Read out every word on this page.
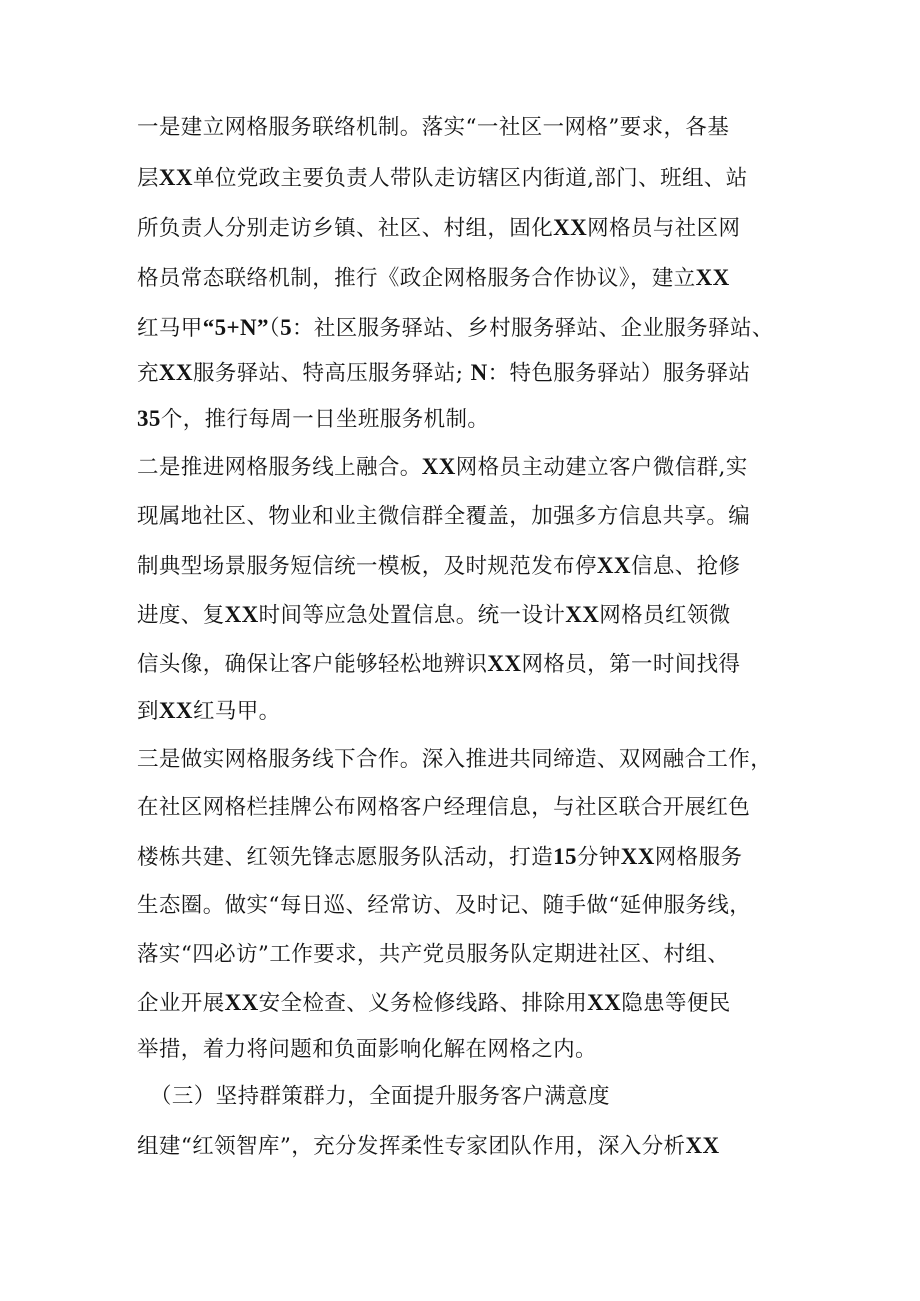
一是建立网格服务联络机制。落实“一社区一网格”要求，各基
层XX单位党政主要负责人带队走访辖区内街道,部门、班组、站
所负责人分别走访乡镇、社区、村组，固化XX网格员与社区网
格员常态联络机制，推行《政企网格服务合作协议》，建立XX
红马甲“5+N”（5：社区服务驿站、乡村服务驿站、企业服务驿站、
充XX服务驿站、特高压服务驿站; N：特色服务驿站）服务驿站
35个，推行每周一日坐班服务机制。
二是推进网格服务线上融合。XX网格员主动建立客户微信群,实
现属地社区、物业和业主微信群全覆盖，加强多方信息共享。编
制典型场景服务短信统一模板，及时规范发布停XX信息、抢修
进度、复XX时间等应急处置信息。统一设计XX网格员红领微
信头像，确保让客户能够轻松地辨识XX网格员，第一时间找得
到XX红马甲。
三是做实网格服务线下合作。深入推进共同缔造、双网融合工作，
在社区网格栏挂牌公布网格客户经理信息，与社区联合开展红色
楼栋共建、红领先锋志愿服务队活动，打造15分钟XX网格服务
生态圈。做实“每日巡、经常访、及时记、随手做“延伸服务线，
落实“四必访”工作要求，共产党员服务队定期进社区、村组、
企业开展XX安全检查、义务检修线路、排除用XX隐患等便民
举措，着力将问题和负面影响化解在网格之内。
（三）坚持群策群力，全面提升服务客户满意度
组建“红领智库”，充分发挥柔性专家团队作用，深入分析XX
